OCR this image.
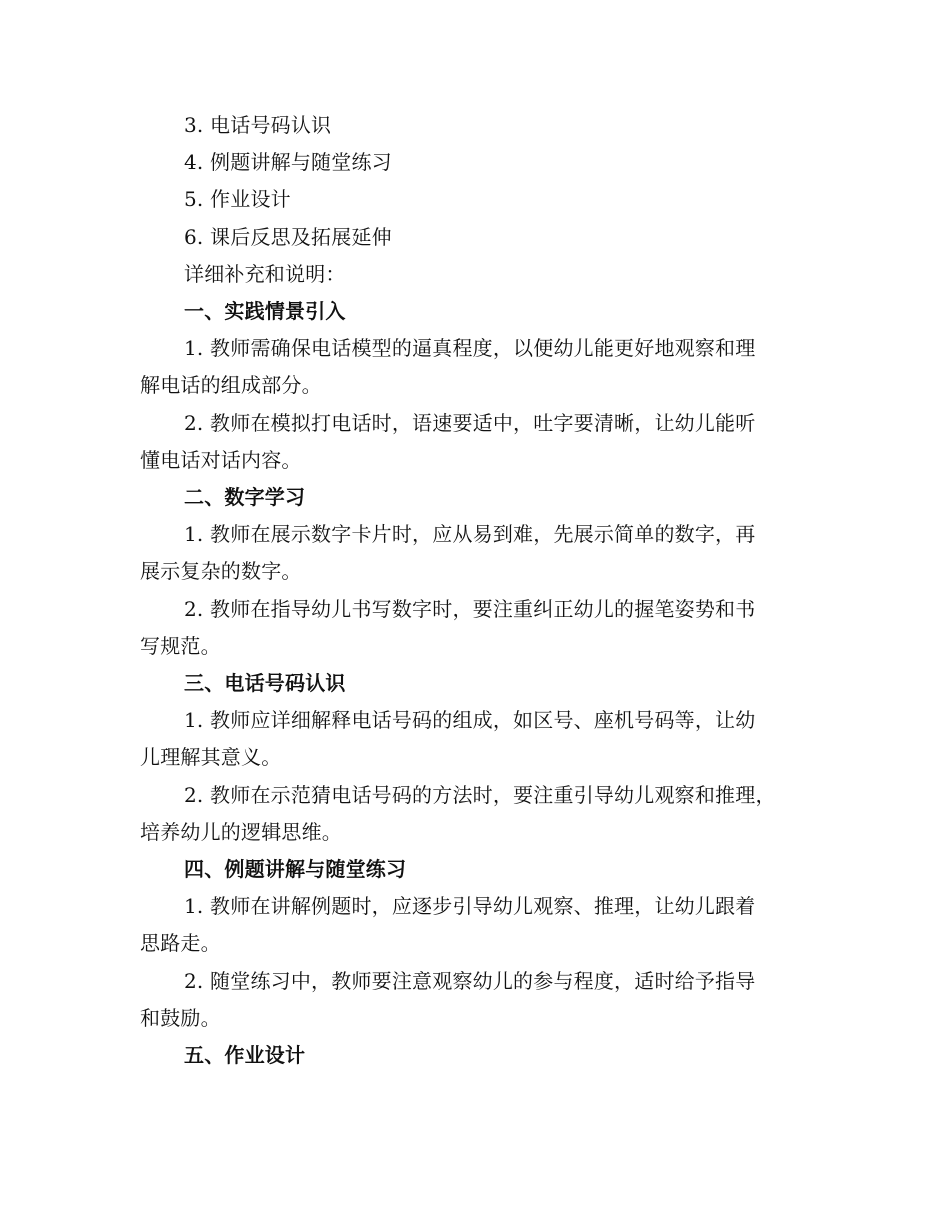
3. 电话号码认识
4. 例题讲解与随堂练习
5. 作业设计
6. 课后反思及拓展延伸
详细补充和说明：
一、实践情景引入
1. 教师需确保电话模型的逼真程度，以便幼儿能更好地观察和理
解电话的组成部分。
2. 教师在模拟打电话时，语速要适中，吐字要清晰，让幼儿能听
懂电话对话内容。
二、数字学习
1. 教师在展示数字卡片时，应从易到难，先展示简单的数字，再
展示复杂的数字。
2. 教师在指导幼儿书写数字时，要注重纠正幼儿的握笔姿势和书
写规范。
三、电话号码认识
1. 教师应详细解释电话号码的组成，如区号、座机号码等，让幼
儿理解其意义。
2. 教师在示范猜电话号码的方法时，要注重引导幼儿观察和推理，
培养幼儿的逻辑思维。
四、例题讲解与随堂练习
1. 教师在讲解例题时，应逐步引导幼儿观察、推理，让幼儿跟着
思路走。
2. 随堂练习中，教师要注意观察幼儿的参与程度，适时给予指导
和鼓励。
五、作业设计
